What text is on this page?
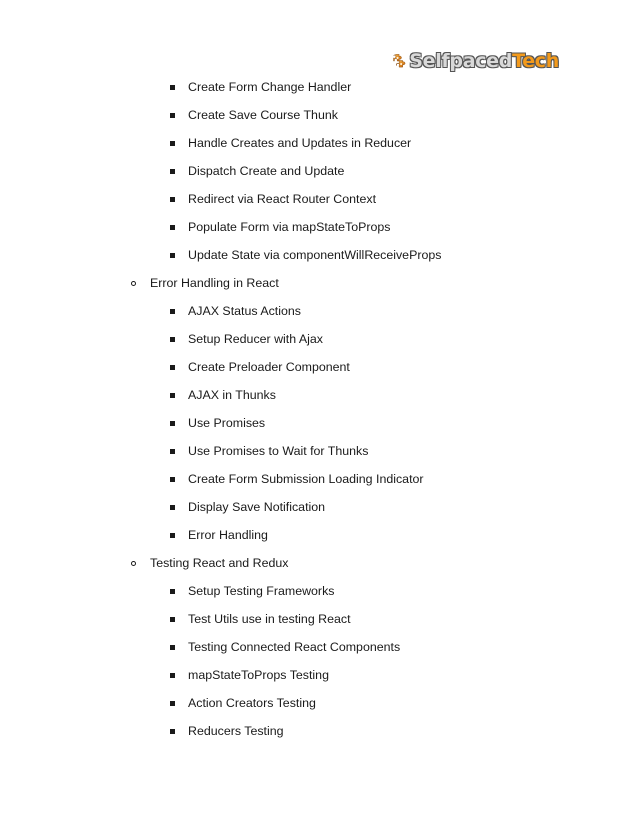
SelfpacedTech
Create Form Change Handler
Create Save Course Thunk
Handle Creates and Updates in Reducer
Dispatch Create and Update
Redirect via React Router Context
Populate Form via mapStateToProps
Update State via componentWillReceiveProps
Error Handling in React
AJAX Status Actions
Setup Reducer with Ajax
Create Preloader Component
AJAX in Thunks
Use Promises
Use Promises to Wait for Thunks
Create Form Submission Loading Indicator
Display Save Notification
Error Handling
Testing React and Redux
Setup Testing Frameworks
Test Utils use in testing React
Testing Connected React Components
mapStateToProps Testing
Action Creators Testing
Reducers Testing
